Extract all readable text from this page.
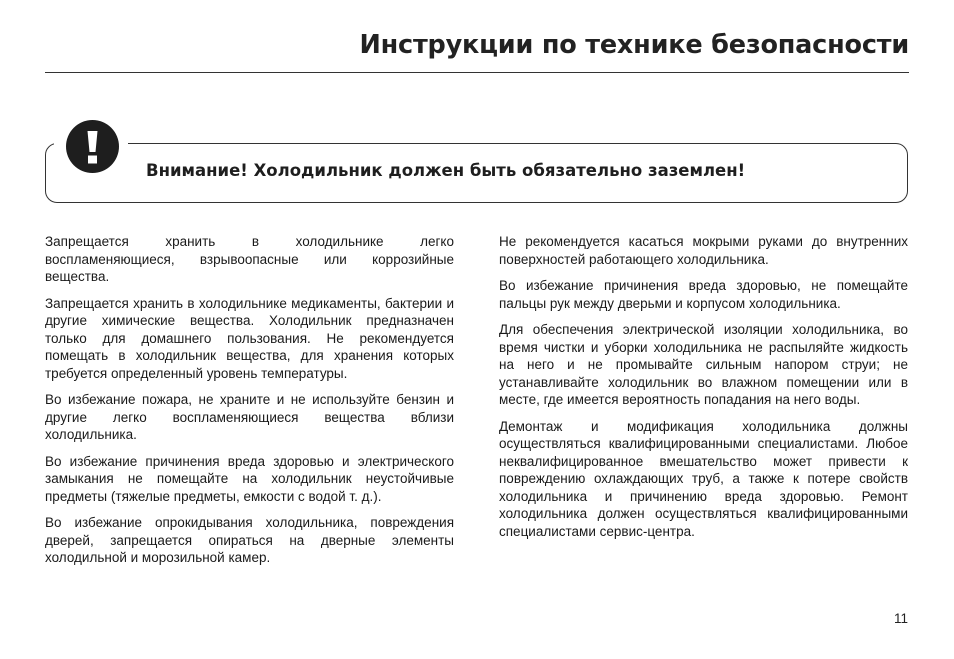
Инструкции по технике безопасности
Внимание! Холодильник должен быть обязательно заземлен!

Запрещается хранить в холодильнике легко воспламеняющиеся, взрывоопасные или коррозийные вещества.

Запрещается хранить в холодильнике медикаменты, бактерии и другие химические вещества. Холодильник предназначен только для домашнего пользования. Не рекомендуется помещать в холодильник вещества, для хранения которых требуется определенный уровень температуры.

Во избежание пожара, не храните и не используйте бензин и другие легко воспламеняющиеся вещества вблизи холодильника.

Во избежание причинения вреда здоровью и электрического замыкания не помещайте на холодильник неустойчивые предметы (тяжелые предметы, емкости с водой т. д.).

Во избежание опрокидывания холодильника, повреждения дверей, запрещается опираться на дверные элементы холодильной и морозильной камер.

Не рекомендуется касаться мокрыми руками до внутренних поверхностей работающего холодильника.

Во избежание причинения вреда здоровью, не помещайте пальцы рук между дверьми и корпусом холодильника.

Для обеспечения электрической изоляции холодильника, во время чистки и уборки холодильника не распыляйте жидкость на него и не промывайте сильным напором струи; не устанавливайте холодильник во влажном помещении или в месте, где имеется вероятность попадания на него воды.

Демонтаж и модификация холодильника должны осуществляться квалифицированными специалистами. Любое неквалифицированное вмешательство может привести к повреждению охлаждающих труб, а также к потере свойств холодильника и причинению вреда здоровью. Ремонт холодильника должен осуществляться квалифицированными специалистами сервис-центра.

11
